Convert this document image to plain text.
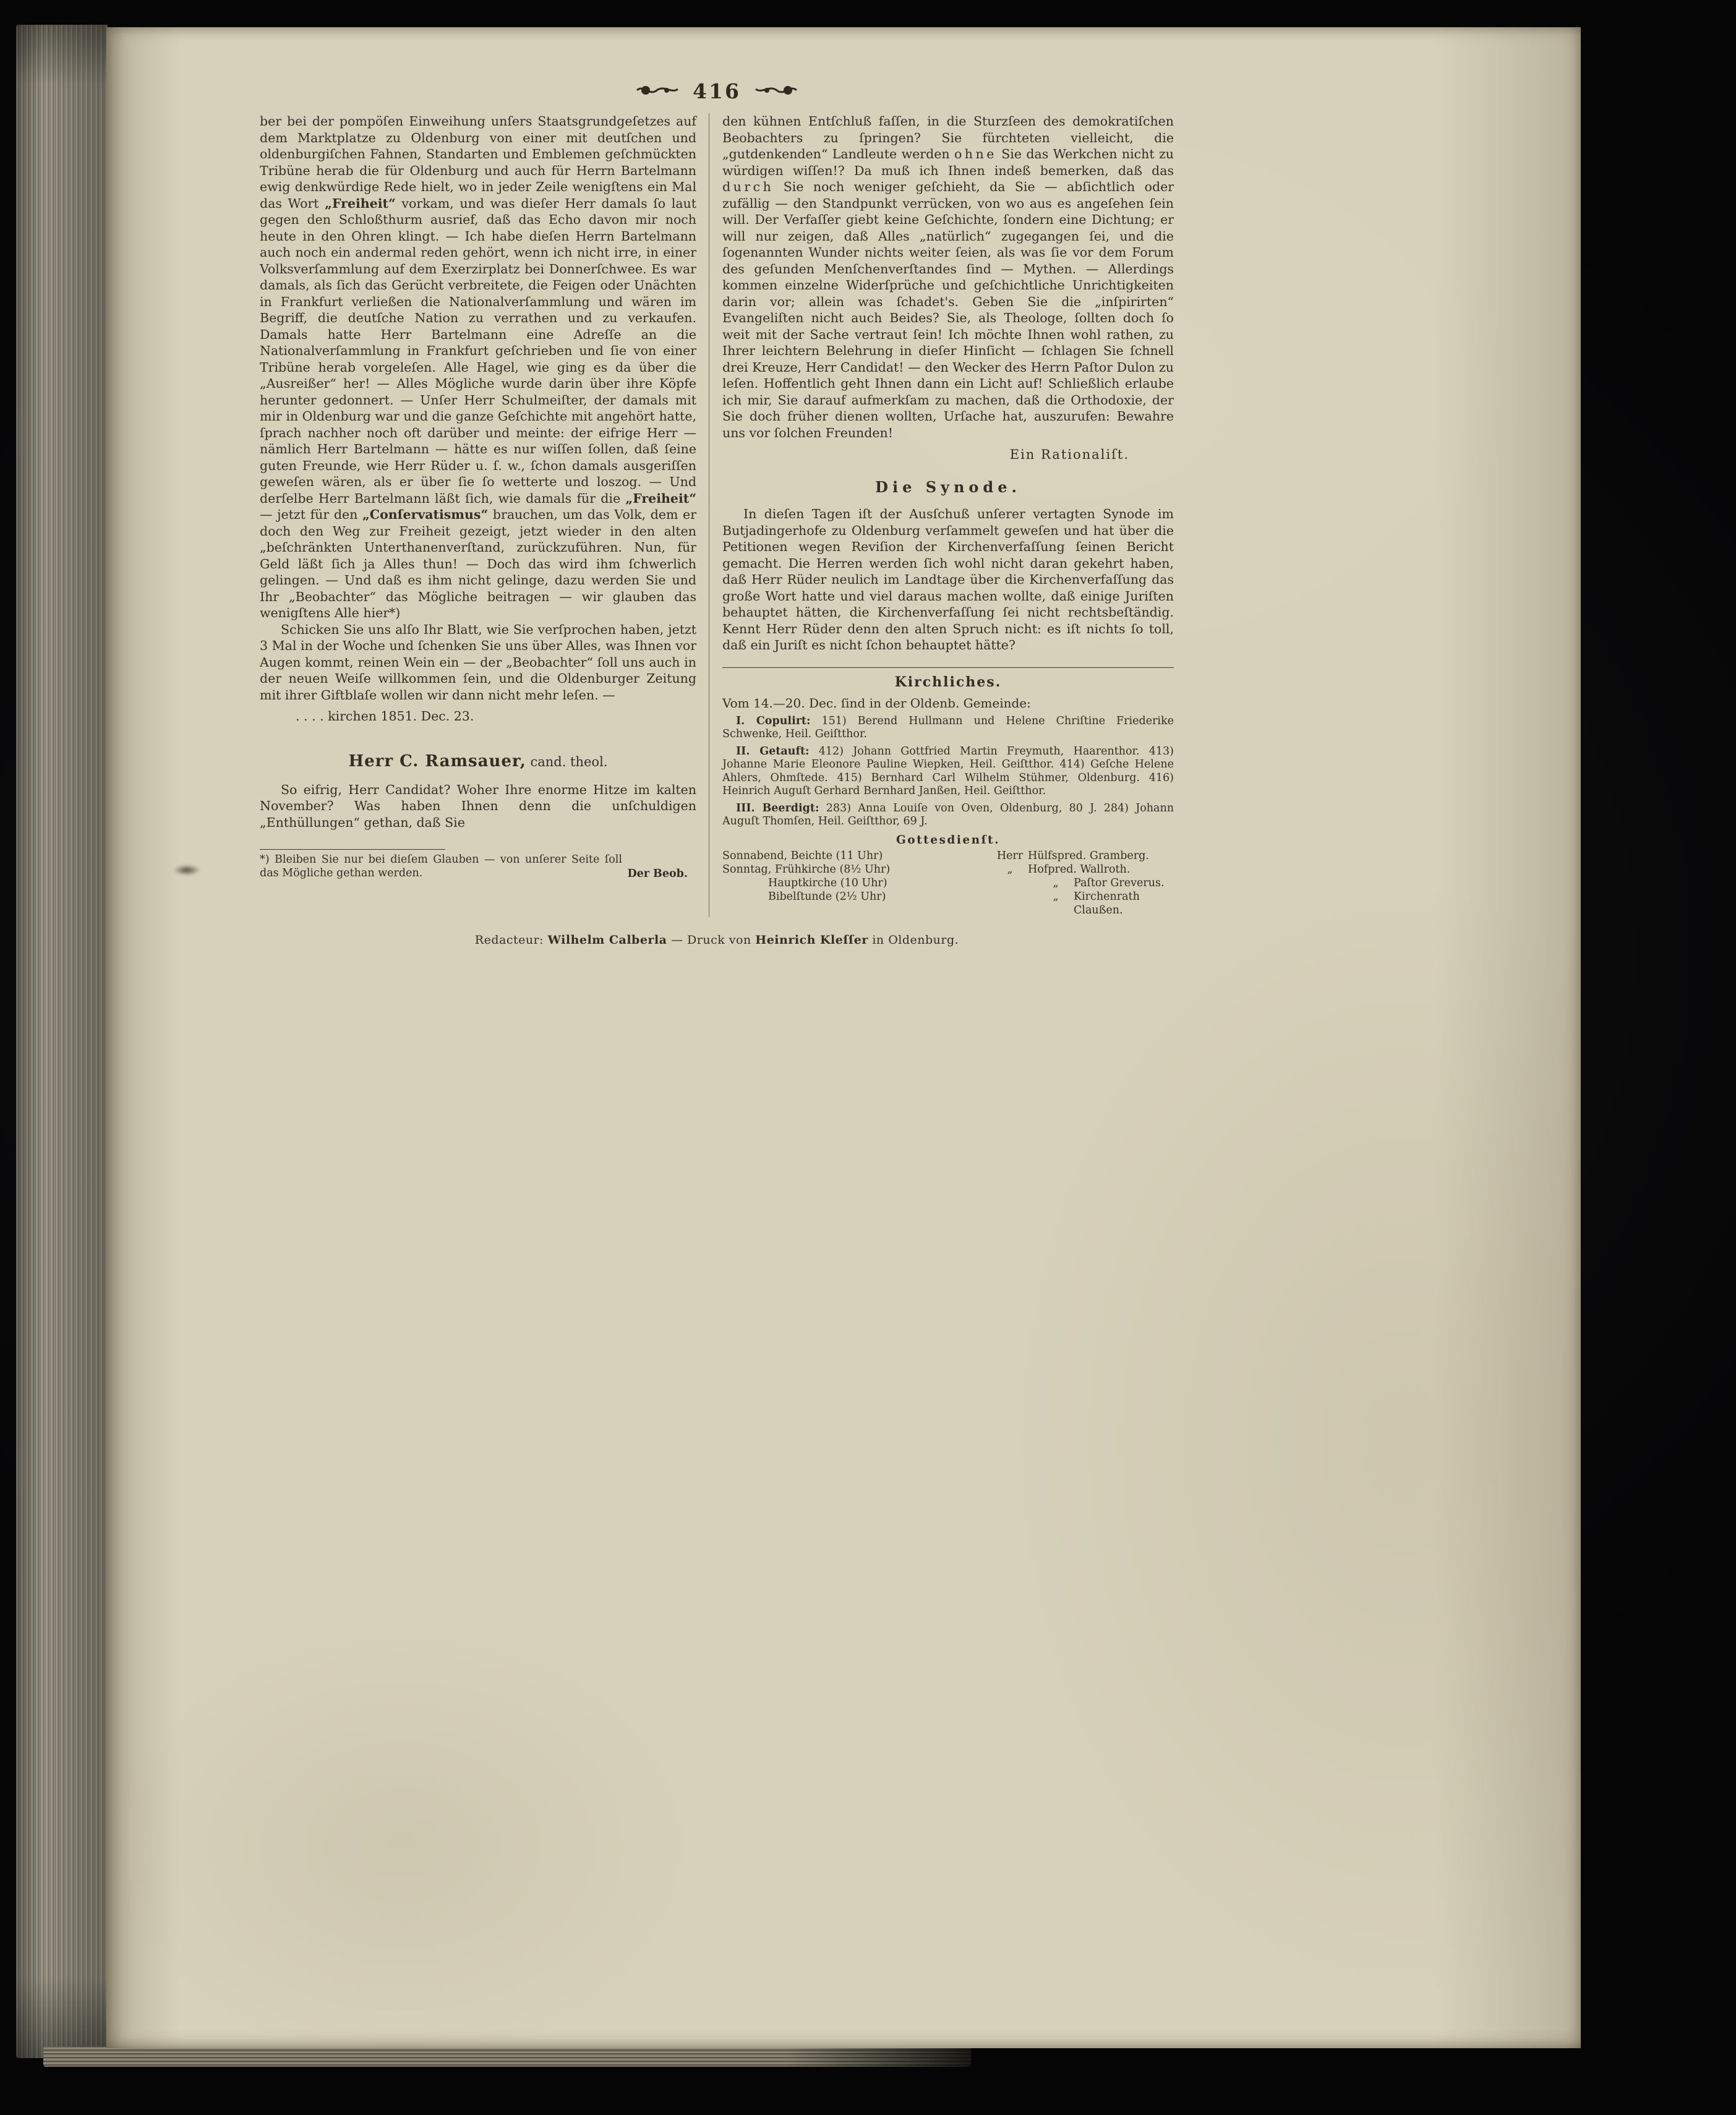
416

ber bei der pompöſen Einweihung unſers Staatsgrundgeſetzes auf dem Marktplatze zu Oldenburg von einer mit deutſchen und oldenburgiſchen Fahnen, Standarten und Emblemen geſchmückten Tribüne herab die für Oldenburg und auch für Herrn Bartelmann ewig denkwürdige Rede hielt, wo in jeder Zeile wenigſtens ein Mal das Wort „Freiheit“ vorkam, und was dieſer Herr damals ſo laut gegen den Schloßthurm ausrief, daß das Echo davon mir noch heute in den Ohren klingt. — Ich habe dieſen Herrn Bartelmann auch noch ein andermal reden gehört, wenn ich nicht irre, in einer Volksverſammlung auf dem Exerzirplatz bei Donnerſchwee. Es war damals, als ſich das Gerücht verbreitete, die Feigen oder Unächten in Frankfurt verließen die Nationalverſammlung und wären im Begriff, die deutſche Nation zu verrathen und zu verkaufen. Damals hatte Herr Bartelmann eine Adreſſe an die Nationalverſammlung in Frankfurt geſchrieben und ſie von einer Tribüne herab vorgeleſen. Alle Hagel, wie ging es da über die „Ausreißer“ her! — Alles Mögliche wurde darin über ihre Köpfe herunter gedonnert. — Unſer Herr Schulmeiſter, der damals mit mir in Oldenburg war und die ganze Geſchichte mit angehört hatte, ſprach nachher noch oft darüber und meinte: der eifrige Herr — nämlich Herr Bartelmann — hätte es nur wiſſen ſollen, daß ſeine guten Freunde, wie Herr Rüder u. ſ. w., ſchon damals ausgeriſſen geweſen wären, als er über ſie ſo wetterte und loszog. — Und derſelbe Herr Bartelmann läßt ſich, wie damals für die „Freiheit“ — jetzt für den „Conſervatismus“ brauchen, um das Volk, dem er doch den Weg zur Freiheit gezeigt, jetzt wieder in den alten „beſchränkten Unterthanenverſtand, zurückzuführen. Nun, für Geld läßt ſich ja Alles thun! — Doch das wird ihm ſchwerlich gelingen. — Und daß es ihm nicht gelinge, dazu werden Sie und Ihr „Beobachter“ das Mögliche beitragen — wir glauben das wenigſtens Alle hier*)

Schicken Sie uns alſo Ihr Blatt, wie Sie verſprochen haben, jetzt 3 Mal in der Woche und ſchenken Sie uns über Alles, was Ihnen vor Augen kommt, reinen Wein ein — der „Beobachter“ ſoll uns auch in der neuen Weiſe willkommen ſein, und die Oldenburger Zeitung mit ihrer Giftblaſe wollen wir dann nicht mehr leſen. —

. . . . kirchen 1851. Dec. 23.

Herr C. Ramsauer, cand. theol.

So eifrig, Herr Candidat? Woher Ihre enorme Hitze im kalten November? Was haben Ihnen denn die unſchuldigen „Enthüllungen“ gethan, daß Sie

*) Bleiben Sie nur bei dieſem Glauben — von unſerer Seite ſoll das Mögliche gethan werden.	Der Beob.

den kühnen Entſchluß faſſen, in die Sturzſeen des demokratiſchen Beobachters zu ſpringen? Sie fürchteten vielleicht, die „gutdenkenden“ Landleute werden ohne Sie das Werkchen nicht zu würdigen wiſſen!? Da muß ich Ihnen indeß bemerken, daß das durch Sie noch weniger geſchieht, da Sie — abſichtlich oder zufällig — den Standpunkt verrücken, von wo aus es angeſehen ſein will. Der Verfaſſer giebt keine Geſchichte, ſondern eine Dichtung; er will nur zeigen, daß Alles „natürlich“ zugegangen ſei, und die ſogenannten Wunder nichts weiter ſeien, als was ſie vor dem Forum des geſunden Menſchenverſtandes ſind — Mythen. — Allerdings kommen einzelne Widerſprüche und geſchichtliche Unrichtigkeiten darin vor; allein was ſchadet's. Geben Sie die „inſpirirten“ Evangeliſten nicht auch Beides? Sie, als Theologe, ſollten doch ſo weit mit der Sache vertraut ſein! Ich möchte Ihnen wohl rathen, zu Ihrer leichtern Belehrung in dieſer Hinſicht — ſchlagen Sie ſchnell drei Kreuze, Herr Candidat! — den Wecker des Herrn Paſtor Dulon zu leſen. Hoffentlich geht Ihnen dann ein Licht auf! Schließlich erlaube ich mir, Sie darauf aufmerkſam zu machen, daß die Orthodoxie, der Sie doch früher dienen wollten, Urſache hat, auszurufen: Bewahre uns vor ſolchen Freunden!

Ein Rationaliſt.

Die Synode.

In dieſen Tagen iſt der Ausſchuß unſerer vertagten Synode im Butjadingerhofe zu Oldenburg verſammelt geweſen und hat über die Petitionen wegen Reviſion der Kirchenverfaſſung ſeinen Bericht gemacht. Die Herren werden ſich wohl nicht daran gekehrt haben, daß Herr Rüder neulich im Landtage über die Kirchenverfaſſung das große Wort hatte und viel daraus machen wollte, daß einige Juriſten behauptet hätten, die Kirchenverfaſſung ſei nicht rechtsbeſtändig. Kennt Herr Rüder denn den alten Spruch nicht: es iſt nichts ſo toll, daß ein Juriſt es nicht ſchon behauptet hätte?

Kirchliches.

Vom 14.—20. Dec. ſind in der Oldenb. Gemeinde:

I. Copulirt: 151) Berend Hullmann und Helene Chriſtine Friederike Schwenke, Heil. Geiſtthor.

II. Getauft: 412) Johann Gottfried Martin Freymuth, Haarenthor. 413) Johanne Marie Eleonore Pauline Wiepken, Heil. Geiſtthor. 414) Geſche Helene Ahlers, Ohmſtede. 415) Bernhard Carl Wilhelm Stühmer, Oldenburg. 416) Heinrich Auguſt Gerhard Bernhard Janßen, Heil. Geiſtthor.

III. Beerdigt: 283) Anna Louiſe von Oven, Oldenburg, 80 J. 284) Johann Auguſt Thomſen, Heil. Geiſtthor, 69 J.

Gottesdienſt.
Sonnabend, Beichte (11 Uhr)	Herr Hülfspred. Gramberg.
Sonntag, Frühkirche (8¹⁄₂ Uhr)	„	Hofpred. Wallroth.
Hauptkirche (10 Uhr)	„	Paſtor Greverus.
Bibelſtunde (2¹⁄₂ Uhr)	„	Kirchenrath Claußen.
Redacteur: Wilhelm Calberla — Druck von Heinrich Kleſſer in Oldenburg.
